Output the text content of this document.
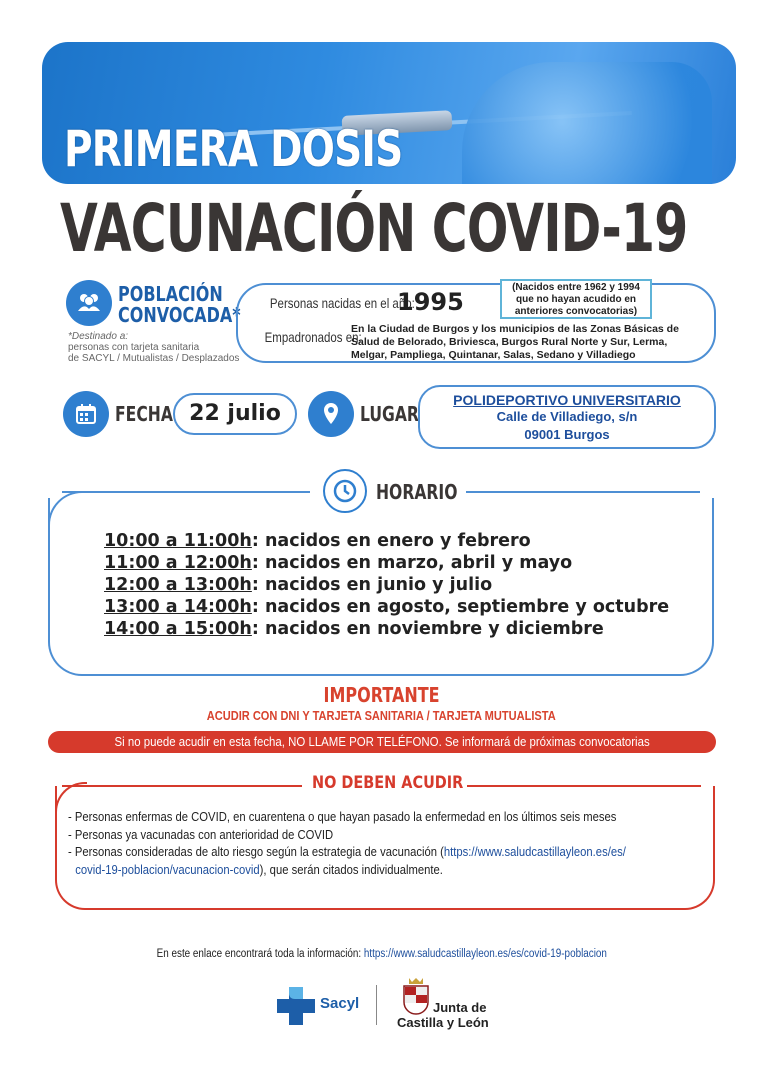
PRIMERA DOSIS
VACUNACIÓN COVID-19
POBLACIÓN
CONVOCADA*
*Destinado a:
personas con tarjeta sanitaria
de SACYL / Mutualistas / Desplazados
Personas nacidas en el año:
1995
(Nacidos entre 1962 y 1994
que no hayan acudido en
anteriores convocatorias)
Empadronados en:
En la Ciudad de Burgos y los municipios de las Zonas Básicas de
Salud de Belorado, Briviesca, Burgos Rural Norte y Sur, Lerma,
Melgar, Pampliega, Quintanar, Salas, Sedano y Villadiego
FECHA 22 julio	LUGAR
POLIDEPORTIVO UNIVERSITARIO
Calle de Villadiego, s/n
09001 Burgos
HORARIO
10:00 a 11:00h: nacidos en enero y febrero
11:00 a 12:00h: nacidos en marzo, abril y mayo
12:00 a 13:00h: nacidos en junio y julio
13:00 a 14:00h: nacidos en agosto, septiembre y octubre
14:00 a 15:00h: nacidos en noviembre y diciembre
IMPORTANTE
ACUDIR CON DNI Y TARJETA SANITARIA / TARJETA MUTUALISTA
Si no puede acudir en esta fecha, NO LLAME POR TELÉFONO. Se informará de próximas convocatorias
NO DEBEN ACUDIR
- Personas enfermas de COVID, en cuarentena o que hayan pasado la enfermedad en los últimos seis meses
- Personas ya vacunadas con anterioridad de COVID
- Personas consideradas de alto riesgo según la estrategia de vacunación (https://www.saludcastillayleon.es/es/
covid-19-poblacion/vacunacion-covid), que serán citados individualmente.
En este enlace encontrará toda la información: https://www.saludcastillayleon.es/es/covid-19-poblacion
Sacyl	Junta de
Castilla y León
